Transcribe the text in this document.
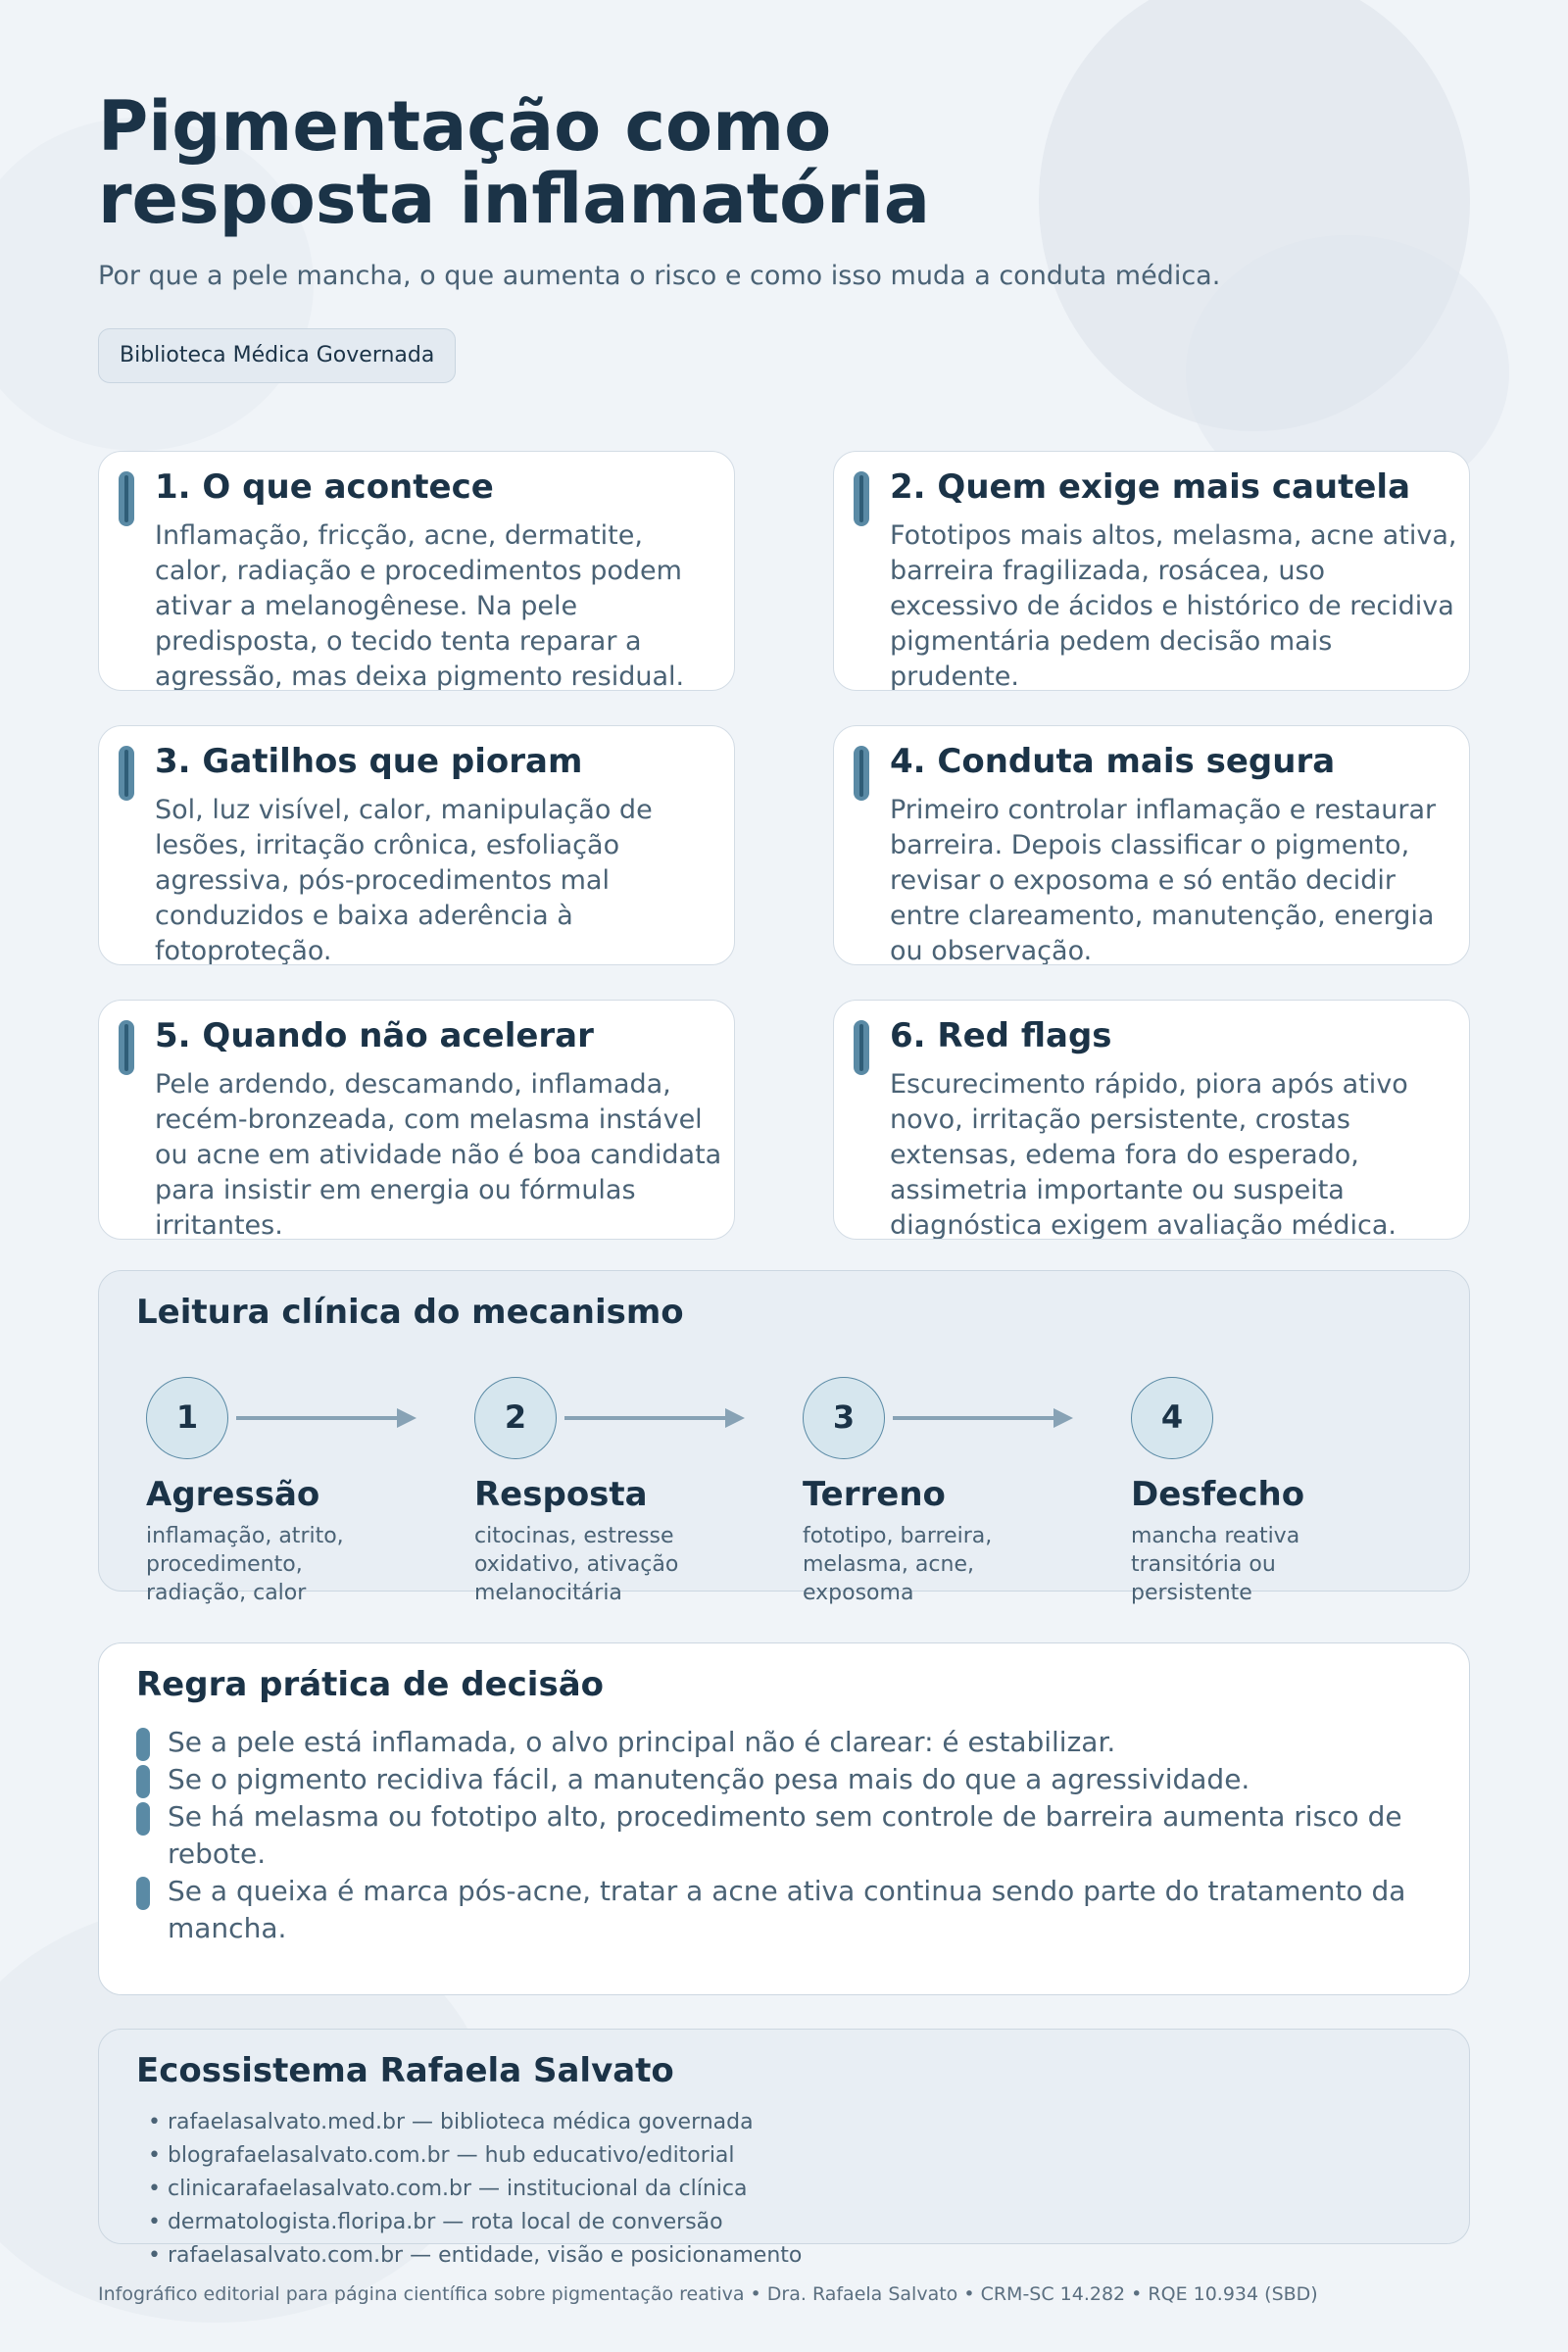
Pigmentação como
resposta inflamatória
Por que a pele mancha, o que aumenta o risco e como isso muda a conduta médica.
Biblioteca Médica Governada
1. O que acontece

Inflamação, fricção, acne, dermatite, calor, radiação e procedimentos podem ativar a melanogênese. Na pele predisposta, o tecido tenta reparar a agressão, mas deixa pigmento residual.

2. Quem exige mais cautela

Fototipos mais altos, melasma, acne ativa, barreira fragilizada, rosácea, uso excessivo de ácidos e histórico de recidiva pigmentária pedem decisão mais prudente.

3. Gatilhos que pioram

Sol, luz visível, calor, manipulação de lesões, irritação crônica, esfoliação agressiva, pós-procedimentos mal conduzidos e baixa aderência à fotoproteção.

4. Conduta mais segura

Primeiro controlar inflamação e restaurar barreira. Depois classificar o pigmento, revisar o exposoma e só então decidir entre clareamento, manutenção, energia ou observação.

5. Quando não acelerar

Pele ardendo, descamando, inflamada, recém-bronzeada, com melasma instável ou acne em atividade não é boa candidata para insistir em energia ou fórmulas irritantes.

6. Red flags

Escurecimento rápido, piora após ativo novo, irritação persistente, crostas extensas, edema fora do esperado, assimetria importante ou suspeita diagnóstica exigem avaliação médica.

Leitura clínica do mecanismo
1
Agressão
inflamação, atrito, procedimento, radiação, calor
2
Resposta
citocinas, estresse oxidativo, ativação melanocitária
3
Terreno
fototipo, barreira, melasma, acne, exposoma
4
Desfecho
mancha reativa transitória ou persistente
Regra prática de decisão
Se a pele está inflamada, o alvo principal não é clarear: é estabilizar.
Se o pigmento recidiva fácil, a manutenção pesa mais do que a agressividade.
Se há melasma ou fototipo alto, procedimento sem controle de barreira aumenta risco de rebote.
Se a queixa é marca pós-acne, tratar a acne ativa continua sendo parte do tratamento da mancha.
Ecossistema Rafaela Salvato
• rafaelasalvato.med.br — biblioteca médica governada
• blografaelasalvato.com.br — hub educativo/editorial
• clinicarafaelasalvato.com.br — institucional da clínica
• dermatologista.floripa.br — rota local de conversão
• rafaelasalvato.com.br — entidade, visão e posicionamento
Infográfico editorial para página científica sobre pigmentação reativa • Dra. Rafaela Salvato • CRM-SC 14.282 • RQE 10.934 (SBD)
